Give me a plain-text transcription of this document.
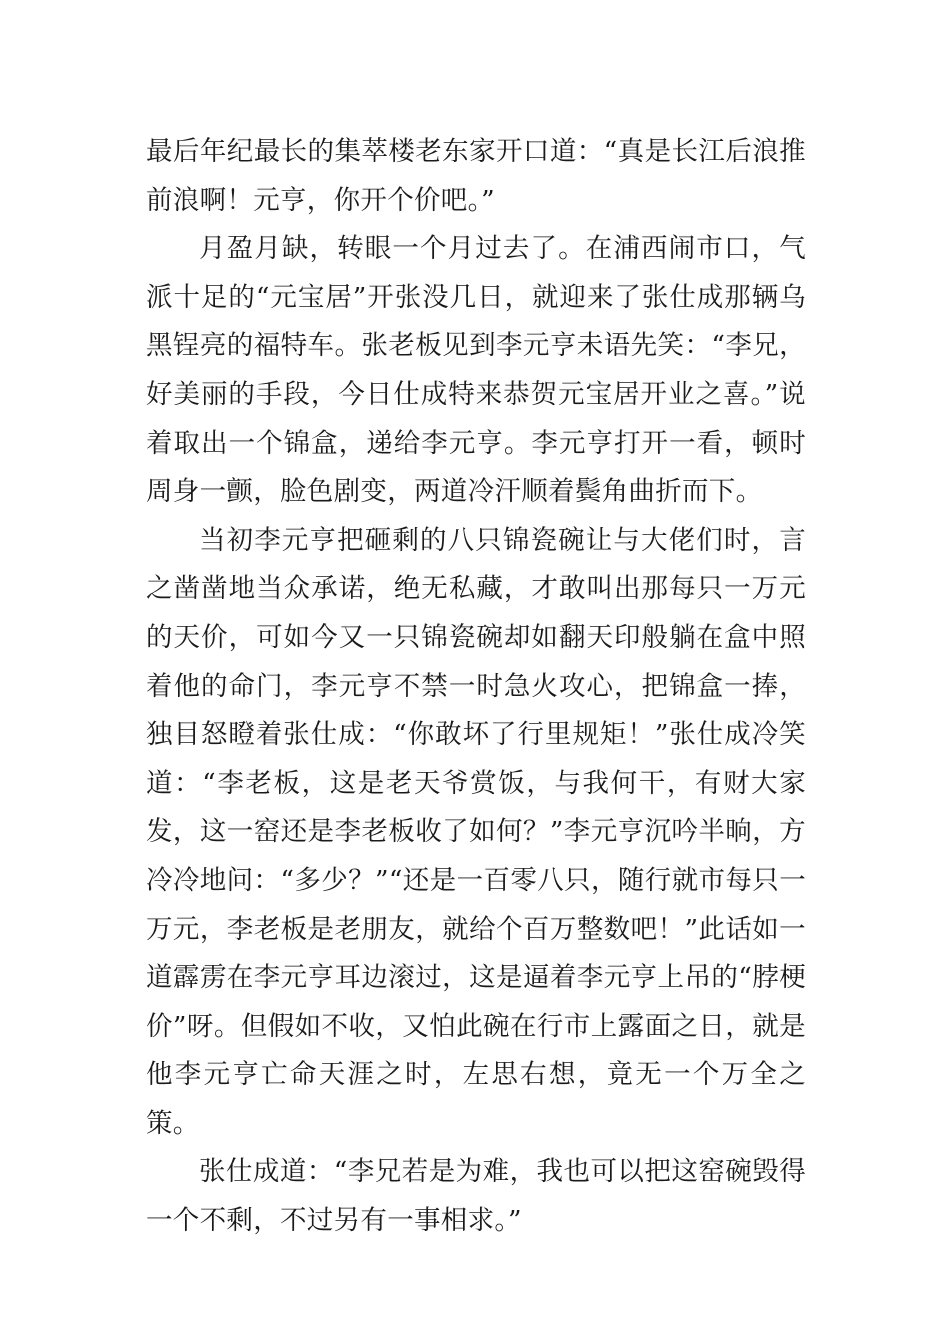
最后年纪最长的集萃楼老东家开口道：“真是长江后浪推前浪啊！元亨，你开个价吧。”

月盈月缺，转眼一个月过去了。在浦西闹市口，气派十足的“元宝居”开张没几日，就迎来了张仕成那辆乌黑锃亮的福特车。张老板见到李元亨未语先笑：“李兄，好美丽的手段，今日仕成特来恭贺元宝居开业之喜。”说着取出一个锦盒，递给李元亨。李元亨打开一看，顿时周身一颤，脸色剧变，两道冷汗顺着鬓角曲折而下。

当初李元亨把砸剩的八只锦瓷碗让与大佬们时，言之凿凿地当众承诺，绝无私藏，才敢叫出那每只一万元的天价，可如今又一只锦瓷碗却如翻天印般躺在盒中照着他的命门，李元亨不禁一时急火攻心，把锦盒一捧，独目怒瞪着张仕成：“你敢坏了行里规矩！”张仕成冷笑道：“李老板，这是老天爷赏饭，与我何干，有财大家发，这一窑还是李老板收了如何？”李元亨沉吟半晌，方冷冷地问：“多少？”“还是一百零八只，随行就市每只一万元，李老板是老朋友，就给个百万整数吧！”此话如一道霹雳在李元亨耳边滚过，这是逼着李元亨上吊的“脖梗价”呀。但假如不收，又怕此碗在行市上露面之日，就是他李元亨亡命天涯之时，左思右想，竟无一个万全之策。

张仕成道：“李兄若是为难，我也可以把这窑碗毁得一个不剩，不过另有一事相求。”
